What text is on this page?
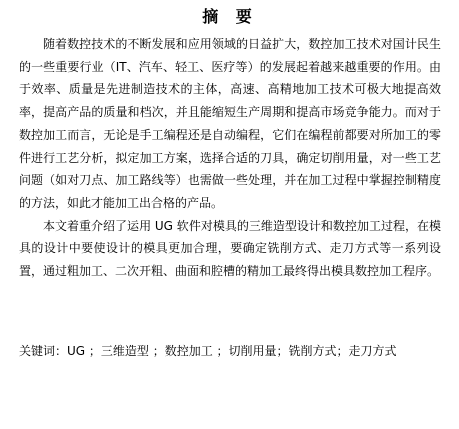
摘 要

随着数控技术的不断发展和应用领域的日益扩大，数控加工技术对国计民生的一些重要行业（IT、汽车、轻工、医疗等）的发展起着越来越重要的作用。由于效率、质量是先进制造技术的主体，高速、高精地加工技术可极大地提高效率，提高产品的质量和档次，并且能缩短生产周期和提高市场竞争能力。而对于数控加工而言，无论是手工编程还是自动编程，它们在编程前都要对所加工的零件进行工艺分析，拟定加工方案，选择合适的刀具，确定切削用量，对一些工艺问题（如对刀点、加工路线等）也需做一些处理，并在加工过程中掌握控制精度的方法，如此才能加工出合格的产品。

本文着重介绍了运用 UG 软件对模具的三维造型设计和数控加工过程，在模具的设计中要使设计的模具更加合理，要确定铣削方式、走刀方式等一系列设置，通过粗加工、二次开粗、曲面和腔槽的精加工最终得出模具数控加工程序。

关键词：UG ；三维造型 ；数控加工 ；切削用量；铣削方式；走刀方式
